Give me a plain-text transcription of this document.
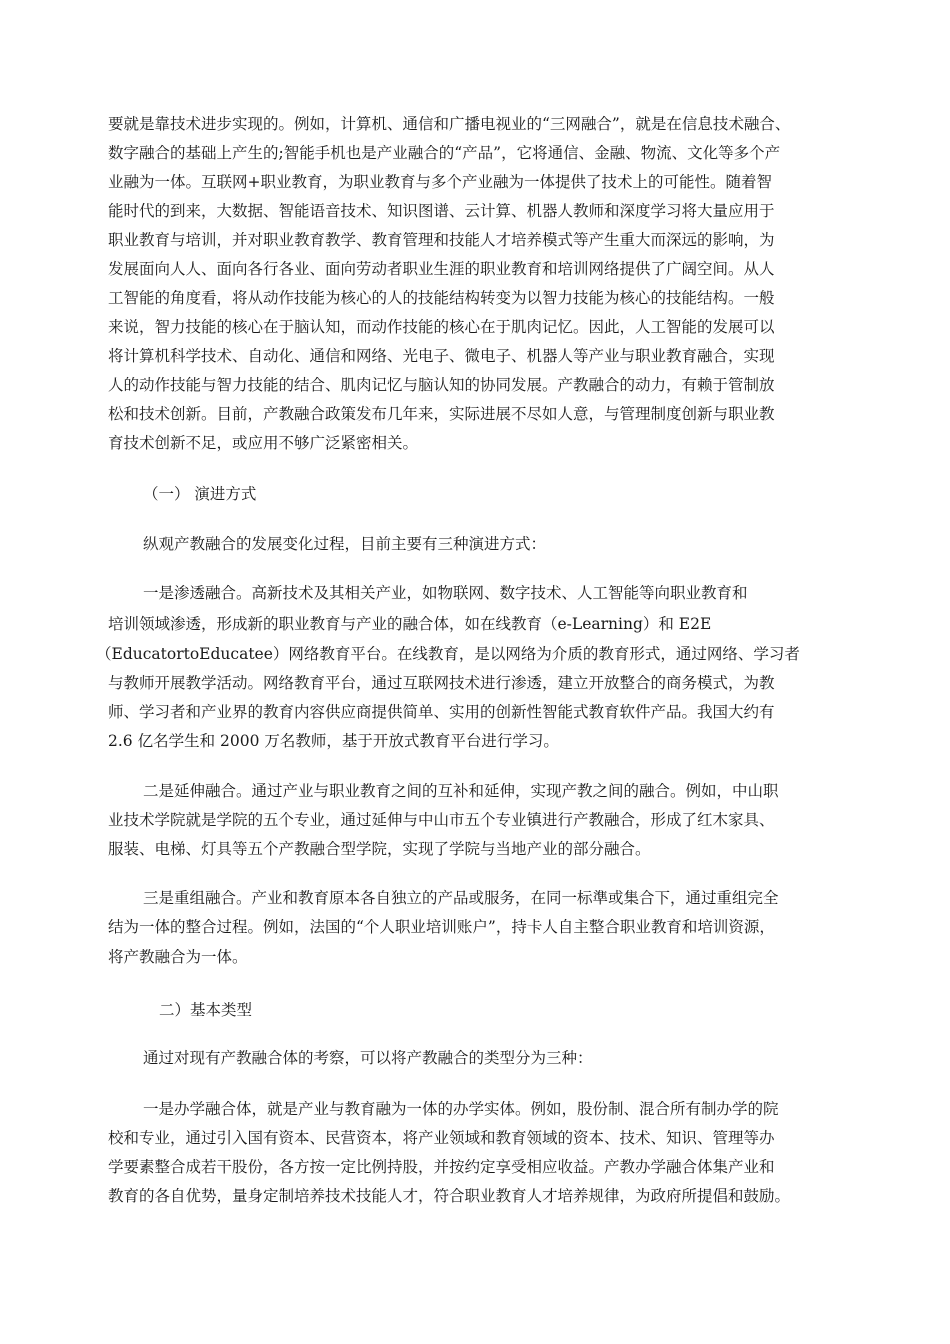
要就是靠技术进步实现的。例如，计算机、通信和广播电视业的“三网融合”，就是在信息技术融合、
数字融合的基础上产生的;智能手机也是产业融合的“产品”，它将通信、金融、物流、文化等多个产
业融为一体。互联网+职业教育，为职业教育与多个产业融为一体提供了技术上的可能性。随着智
能时代的到来，大数据、智能语音技术、知识图谱、云计算、机器人教师和深度学习将大量应用于
职业教育与培训，并对职业教育教学、教育管理和技能人才培养模式等产生重大而深远的影响，为
发展面向人人、面向各行各业、面向劳动者职业生涯的职业教育和培训网络提供了广阔空间。从人
工智能的角度看，将从动作技能为核心的人的技能结构转变为以智力技能为核心的技能结构。一般
来说，智力技能的核心在于脑认知，而动作技能的核心在于肌肉记忆。因此，人工智能的发展可以
将计算机科学技术、自动化、通信和网络、光电子、微电子、机器人等产业与职业教育融合，实现
人的动作技能与智力技能的结合、肌肉记忆与脑认知的协同发展。产教融合的动力，有赖于管制放
松和技术创新。目前，产教融合政策发布几年来，实际进展不尽如人意，与管理制度创新与职业教
育技术创新不足，或应用不够广泛紧密相关。
（一） 演进方式
纵观产教融合的发展变化过程，目前主要有三种演进方式：
一是渗透融合。高新技术及其相关产业，如物联网、数字技术、人工智能等向职业教育和
培训领域渗透，形成新的职业教育与产业的融合体，如在线教育（e-Learning）和 E2E
（EducatortoEducatee）网络教育平台。在线教育，是以网络为介质的教育形式，通过网络、学习者
与教师开展教学活动。网络教育平台，通过互联网技术进行渗透，建立开放整合的商务模式，为教
师、学习者和产业界的教育内容供应商提供简单、实用的创新性智能式教育软件产品。我国大约有
2.6 亿名学生和 2000 万名教师，基于开放式教育平台进行学习。
二是延伸融合。通过产业与职业教育之间的互补和延伸，实现产教之间的融合。例如，中山职
业技术学院就是学院的五个专业，通过延伸与中山市五个专业镇进行产教融合，形成了红木家具、
服装、电梯、灯具等五个产教融合型学院，实现了学院与当地产业的部分融合。
三是重组融合。产业和教育原本各自独立的产品或服务，在同一标準或集合下，通过重组完全
结为一体的整合过程。例如，法国的“个人职业培训账户”，持卡人自主整合职业教育和培训资源，
将产教融合为一体。
二）基本类型
通过对现有产教融合体的考察，可以将产教融合的类型分为三种：
一是办学融合体，就是产业与教育融为一体的办学实体。例如，股份制、混合所有制办学的院
校和专业，通过引入国有资本、民营资本，将产业领域和教育领域的资本、技术、知识、管理等办
学要素整合成若干股份，各方按一定比例持股，并按约定享受相应收益。产教办学融合体集产业和
教育的各自优势，量身定制培养技术技能人才，符合职业教育人才培养规律，为政府所提倡和鼓励。
